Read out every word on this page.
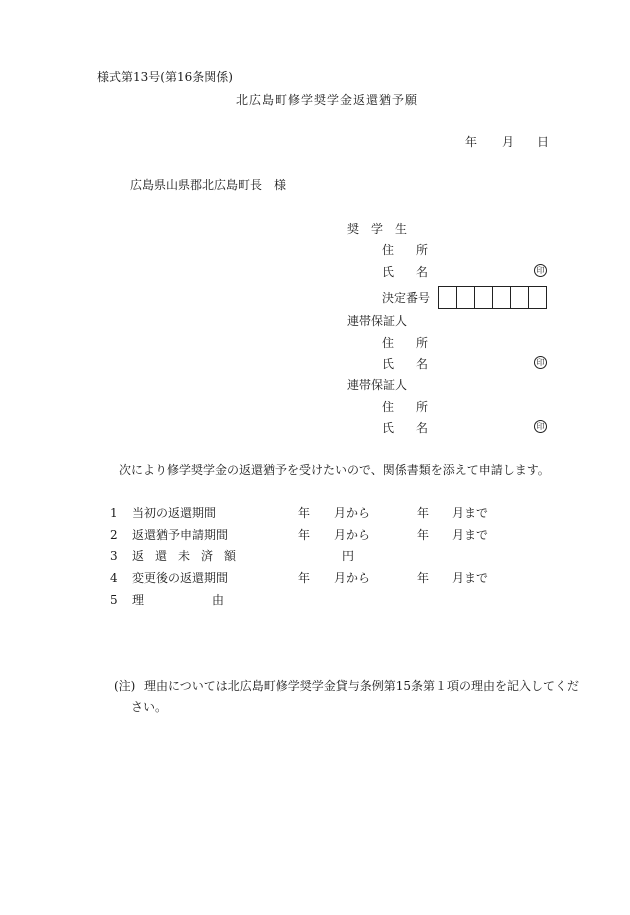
様式第13号(第16条関係)
北広島町修学奨学金返還猶予願
年 月 日
広島県山県郡北広島町長　様
奨　学　生
住 所
氏 名	印
決定番号
連帯保証人
住 所
氏 名	印
連帯保証人
住 所
氏 名	印
次により修学奨学金の返還猶予を受けたいので、関係書類を添えて申請します。
1 当初の返還期間	年 月から	年 月まで
2 返還猶予申請期間	年 月から	年 月まで
3 返還未済額	円
4 変更後の返還期間	年 月から	年 月まで
5 理	由
(注) 理由については北広島町修学奨学金貸与条例第15条第１項の理由を記入してくだ
さい。
